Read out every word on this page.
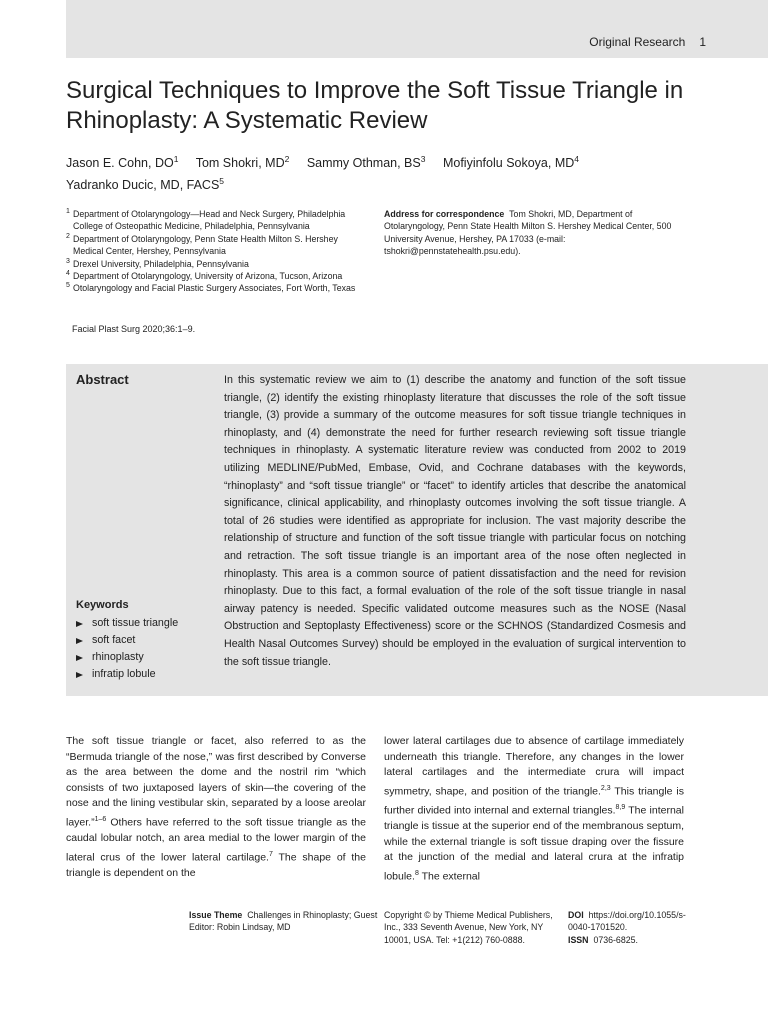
Original Research 1
Surgical Techniques to Improve the Soft Tissue Triangle in Rhinoplasty: A Systematic Review
Jason E. Cohn, $DO^1$ Tom Shokri, $MD^2$ Sammy Othman, $BS^3$ Mofiyinfolu Sokoya, $MD^4$
Yadranko Ducic, MD, FACS$^5$
1 Department of Otolaryngology—Head and Neck Surgery, Philadelphia College of Osteopathic Medicine, Philadelphia, Pennsylvania
2 Department of Otolaryngology, Penn State Health Milton S. Hershey Medical Center, Hershey, Pennsylvania
3 Drexel University, Philadelphia, Pennsylvania
4 Department of Otolaryngology, University of Arizona, Tucson, Arizona
5 Otolaryngology and Facial Plastic Surgery Associates, Fort Worth, Texas
Address for correspondence Tom Shokri, MD, Department of Otolaryngology, Penn State Health Milton S. Hershey Medical Center, 500 University Avenue, Hershey, PA 17033 (e-mail: tshokri@pennstatehealth.psu.edu).
Facial Plast Surg 2020;36:1–9.
Abstract	In this systematic review we aim to (1) describe the anatomy and function of the soft tissue triangle, (2) identify the existing rhinoplasty literature that discusses the role of the soft tissue triangle, (3) provide a summary of the outcome measures for soft tissue triangle techniques in rhinoplasty, and (4) demonstrate the need for further research reviewing soft tissue triangle techniques in rhinoplasty. A systematic literature review was conducted from 2002 to 2019 utilizing MEDLINE/PubMed, Embase, Ovid, and Cochrane databases with the keywords, “rhinoplasty” and “soft tissue triangle” or “facet” to identify articles that describe the anatomical significance, clinical applicability, and rhinoplasty outcomes involving the soft tissue triangle. A total of 26 studies were identified as appropriate for inclusion. The vast majority describe the relationship of structure and function of the soft tissue triangle with particular focus on notching and retraction. The soft tissue triangle is an important area of the nose often neglected in rhinoplasty. This area is a common source of patient dissatisfaction and the need for revision rhinoplasty. Due to this fact, a formal evaluation of the role of the soft tissue triangle in nasal airway patency is needed. Specific validated outcome measures such as the NOSE (Nasal Obstruction and Septoplasty Effectiveness) score or the SCHNOS (Standardized Cosmesis and Health Nasal Outcomes Survey) should be employed in the evaluation of surgical intervention to the soft tissue triangle.

Keywords
soft tissue triangle
soft facet
rhinoplasty
infratip lobule

The soft tissue triangle or facet, also referred to as the “Bermuda triangle of the nose,” was first described by Converse as the area between the dome and the nostril rim “which consists of two juxtaposed layers of skin—the covering of the nose and the lining vestibular skin, separated by a loose areolar layer.”$^{1-6}$ Others have referred to the soft tissue triangle as the caudal lobular notch, an area medial to the lower margin of the lateral crus of the lower lateral cartilage.$^7$ The shape of the triangle is dependent on the

lower lateral cartilages due to absence of cartilage immediately underneath this triangle. Therefore, any changes in the lower lateral cartilages and the intermediate crura will impact symmetry, shape, and position of the triangle.$^{2,3}$ This triangle is further divided into internal and external triangles.$^{8,9}$ The internal triangle is tissue at the superior end of the membranous septum, while the external triangle is soft tissue draping over the fissure at the junction of the medial and lateral crura at the infratip lobule.$^8$ The external

Issue Theme Challenges in Rhinoplasty; Guest Editor: Robin Lindsay, MD
Copyright © by Thieme Medical Publishers, Inc., 333 Seventh Avenue, New York, NY 10001, USA. Tel: +1(212) 760-0888.
DOI https://doi.org/10.1055/s-0040-1701520.
ISSN 0736-6825.
